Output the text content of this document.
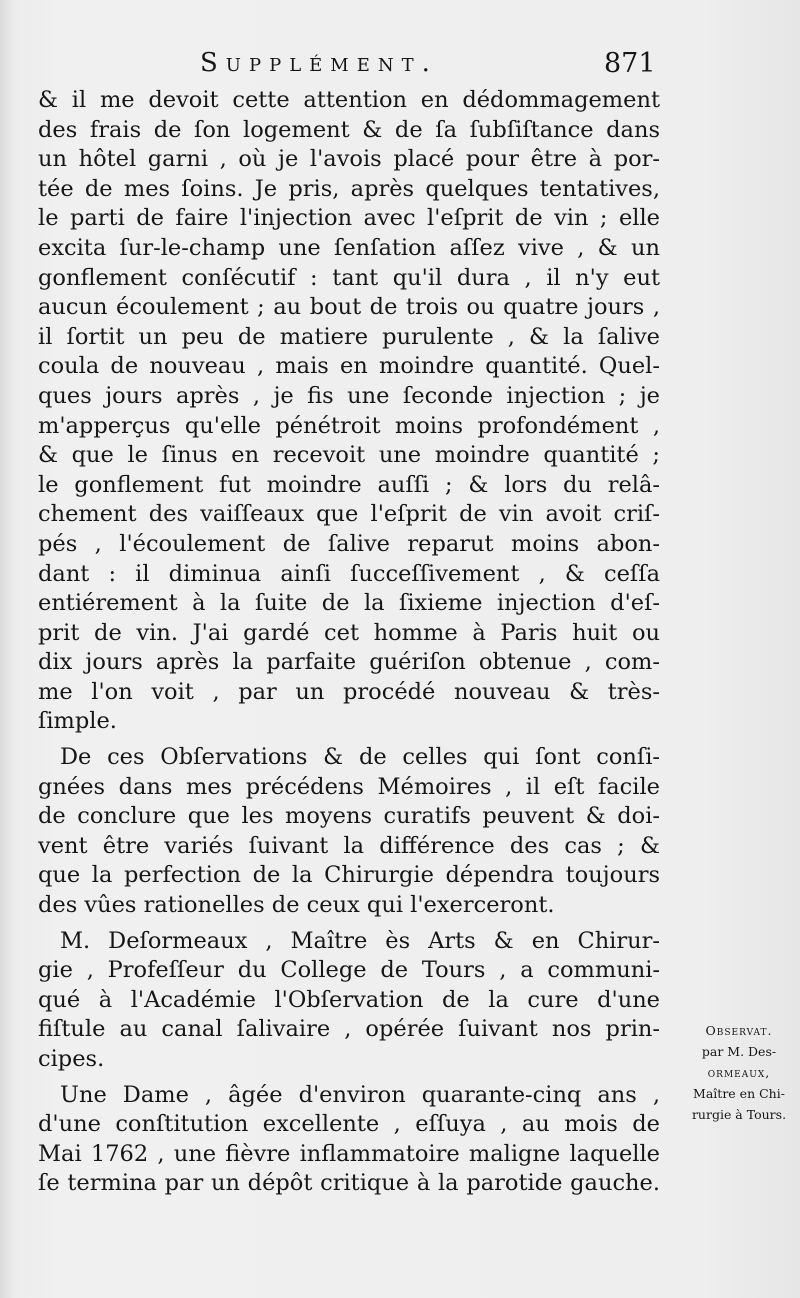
Supplément.	871
& il me devoit cette attention en dédommagement
des frais de ſon logement & de ſa ſubſiſtance dans
un hôtel garni , où je l'avois placé pour être à por-
tée de mes ſoins. Je pris, après quelques tentatives,
le parti de faire l'injection avec l'eſprit de vin ; elle
excita ſur-le-champ une ſenſation aſſez vive , & un
gonflement conſécutif : tant qu'il dura , il n'y eut
aucun écoulement ; au bout de trois ou quatre jours ,
il ſortit un peu de matiere purulente , & la ſalive
coula de nouveau , mais en moindre quantité. Quel-
ques jours après , je fis une ſeconde injection ; je
m'apperçus qu'elle pénétroit moins profondément ,
& que le ſinus en recevoit une moindre quantité ;
le gonflement fut moindre auſſi ; & lors du relâ-
chement des vaiſſeaux que l'eſprit de vin avoit criſ-
pés , l'écoulement de ſalive reparut moins abon-
dant : il diminua ainſi ſucceſſivement , & ceſſa
entiérement à la ſuite de la ſixieme injection d'eſ-
prit de vin. J'ai gardé cet homme à Paris huit ou
dix jours après la parfaite guériſon obtenue , com-
me l'on voit , par un procédé nouveau & très-
ſimple.
De ces Obſervations & de celles qui ſont conſi-
gnées dans mes précédens Mémoires , il eſt facile
de conclure que les moyens curatifs peuvent & doi-
vent être variés ſuivant la différence des cas ; &
que la perfection de la Chirurgie dépendra toujours
des vûes rationelles de ceux qui l'exerceront.
M. Deſormeaux , Maître ès Arts & en Chirur-
gie , Profeſſeur du College de Tours , a communi-
qué à l'Académie l'Obſervation de la cure d'une
fiſtule au canal ſalivaire , opérée ſuivant nos prin-
cipes.
Une Dame , âgée d'environ quarante-cinq ans ,
d'une conſtitution excellente , eſſuya , au mois de
Mai 1762 , une fièvre inflammatoire maligne laquelle
ſe termina par un dépôt critique à la parotide gauche.
Observat.
par M. Des-
ormeaux,
Maître en Chi-
rurgie à Tours.
